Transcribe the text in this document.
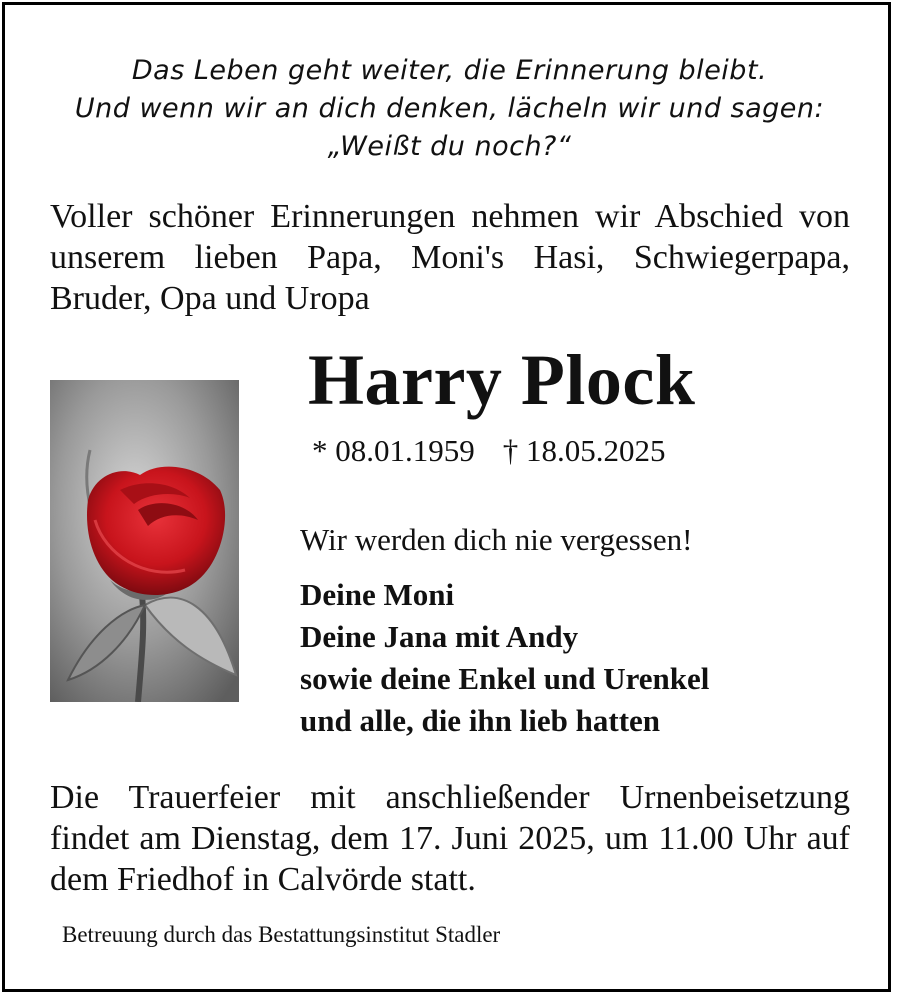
Das Leben geht weiter, die Erinnerung bleibt.
Und wenn wir an dich denken, lächeln wir und sagen:
„Weißt du noch?“
Voller schöner Erinnerungen nehmen wir Abschied von unserem lieben Papa, Moni's Hasi, Schwiegerpapa, Bruder, Opa und Uropa
Harry Plock
* 08.01.1959 † 18.05.2025
Wir werden dich nie vergessen!
Deine Moni
Deine Jana mit Andy
sowie deine Enkel und Urenkel
und alle, die ihn lieb hatten
Die Trauerfeier mit anschließender Urnenbeisetzung findet am Dienstag, dem 17. Juni 2025, um 11.00 Uhr auf dem Friedhof in Calvörde statt.
Betreuung durch das Bestattungsinstitut Stadler
